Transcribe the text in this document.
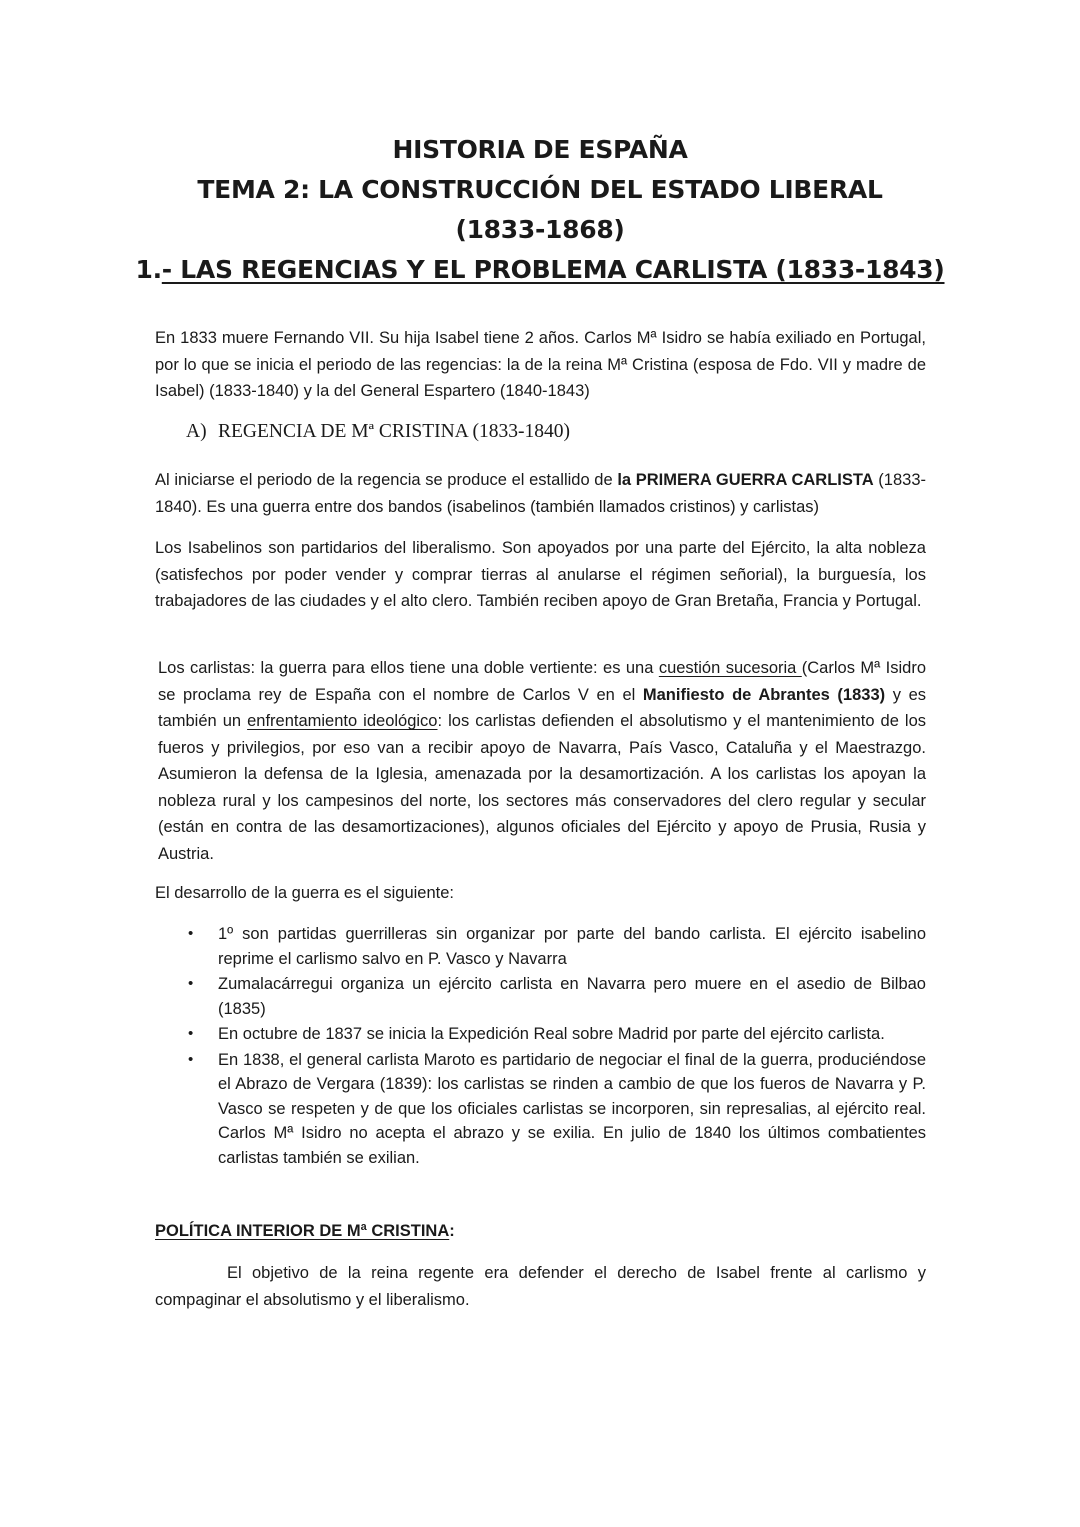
HISTORIA DE ESPAÑA

TEMA 2: LA CONSTRUCCIÓN DEL ESTADO LIBERAL

(1833-1868)

1.- LAS REGENCIAS Y EL PROBLEMA CARLISTA (1833-1843)

En 1833 muere Fernando VII. Su hija Isabel tiene 2 años. Carlos Mª Isidro se había exiliado en Portugal, por lo que se inicia el periodo de las regencias: la de la reina Mª Cristina (esposa de Fdo. VII y madre de Isabel) (1833-1840) y la del General Espartero (1840-1843)

A) REGENCIA DE Mª CRISTINA (1833-1840)

Al iniciarse el periodo de la regencia se produce el estallido de la PRIMERA GUERRA CARLISTA (1833-1840). Es una guerra entre dos bandos (isabelinos (también llamados cristinos) y carlistas)

Los Isabelinos son partidarios del liberalismo. Son apoyados por una parte del Ejército, la alta nobleza (satisfechos por poder vender y comprar tierras al anularse el régimen señorial), la burguesía, los trabajadores de las ciudades y el alto clero. También reciben apoyo de Gran Bretaña, Francia y Portugal.

Los carlistas: la guerra para ellos tiene una doble vertiente: es una cuestión sucesoria (Carlos Mª Isidro se proclama rey de España con el nombre de Carlos V en el Manifiesto de Abrantes (1833) y es también un enfrentamiento ideológico: los carlistas defienden el absolutismo y el mantenimiento de los fueros y privilegios, por eso van a recibir apoyo de Navarra, País Vasco, Cataluña y el Maestrazgo. Asumieron la defensa de la Iglesia, amenazada por la desamortización. A los carlistas los apoyan la nobleza rural y los campesinos del norte, los sectores más conservadores del clero regular y secular (están en contra de las desamortizaciones), algunos oficiales del Ejército y apoyo de Prusia, Rusia y Austria.

El desarrollo de la guerra es el siguiente:

• 1º son partidas guerrilleras sin organizar por parte del bando carlista. El ejército isabelino reprime el carlismo salvo en P. Vasco y Navarra
• Zumalacárregui organiza un ejército carlista en Navarra pero muere en el asedio de Bilbao (1835)
• En octubre de 1837 se inicia la Expedición Real sobre Madrid por parte del ejército carlista.
• En 1838, el general carlista Maroto es partidario de negociar el final de la guerra, produciéndose el Abrazo de Vergara (1839): los carlistas se rinden a cambio de que los fueros de Navarra y P. Vasco se respeten y de que los oficiales carlistas se incorporen, sin represalias, al ejército real. Carlos Mª Isidro no acepta el abrazo y se exilia. En julio de 1840 los últimos combatientes carlistas también se exilian.

POLÍTICA INTERIOR DE Mª CRISTINA:

El objetivo de la reina regente era defender el derecho de Isabel frente al carlismo y compaginar el absolutismo y el liberalismo.
